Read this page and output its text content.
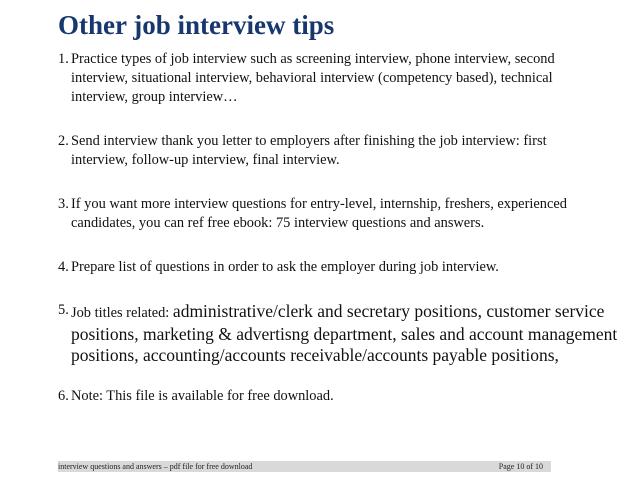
Other job interview tips
1. Practice types of job interview such as screening interview, phone interview, second
interview, situational interview, behavioral interview (competency based), technical
interview, group interview…
2. Send interview thank you letter to employers after finishing the job interview: first
interview, follow-up interview, final interview.
3. If you want more interview questions for entry-level, internship, freshers, experienced
candidates, you can ref free ebook: 75 interview questions and answers.
4. Prepare list of questions in order to ask the employer during job interview.
5. Job titles related: administrative/clerk and secretary positions, customer service
positions, marketing & advertisng department, sales and account management
positions, accounting/accounts receivable/accounts payable positions,
6. Note: This file is available for free download.
interview questions and answers – pdf file for free download	Page 10 of 10
